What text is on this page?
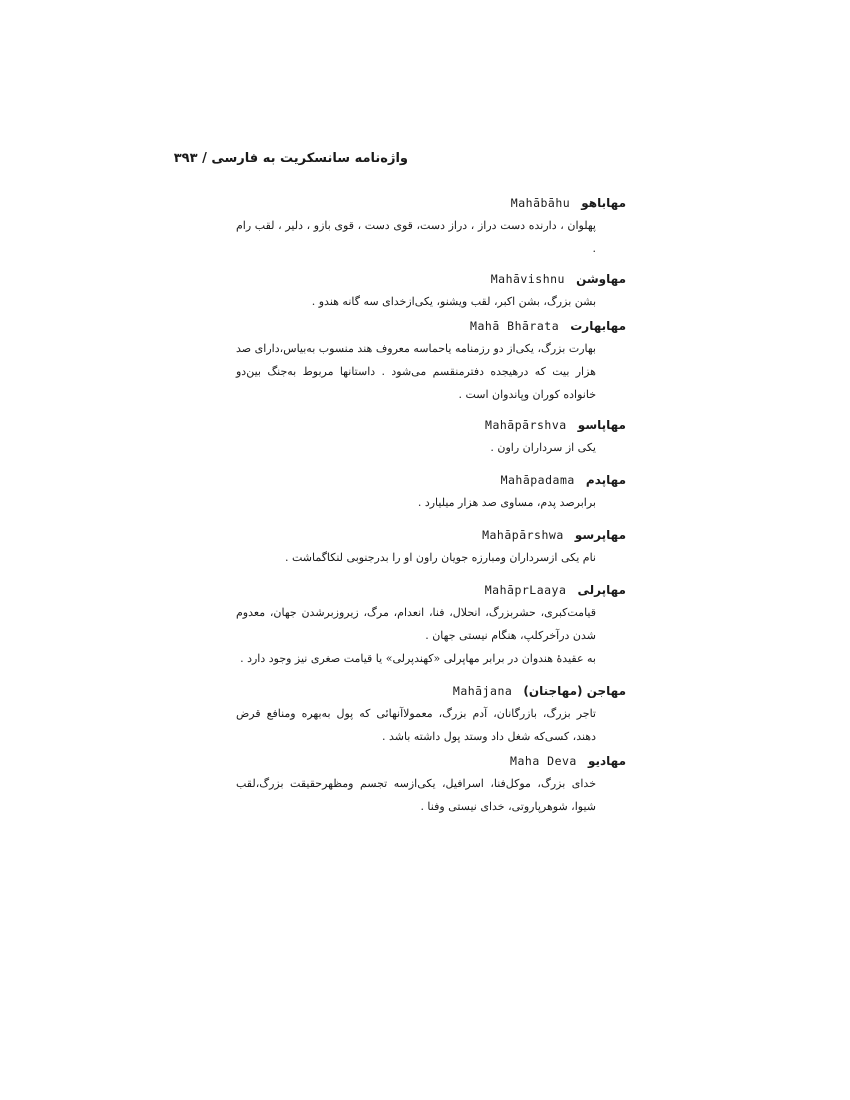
واژه‌نامه سانسکریت به فارسی / ۳۹۳
مهاباهو Mahābāhu

پهلوان ، دارنده دست دراز ، دراز دست، قوی دست ، قوی بازو ، دلیر ، لقب رام .

مهاوشن Mahāvishnu

بشن بزرگ، بشن اکبر، لقب ویشنو، یکی‌ازخدای سه گانه هندو .

مهابهارت Mahā Bhārata

بهارت بزرگ، یکی‌از دو رزمنامه یاحماسه معروف هند منسوب به‌بیاس،دارای صد هزار بیت که درهیجده دفترمنقسم می‌شود . داستانها مربوط به‌جنگ بین‌دو خانواده کوران وپاندوان است .

مهاپاسو Mahāpārshva

یکی از سرداران راون .

مهاپدم Mahāpadama

برابرصد پدم، مساوی صد هزار میلیارد .

مهاپرسو Mahāpārshwa

نام یکی ازسرداران ومبارزه جویان راون او را بدرجنوبی لنکاگماشت .

مهاپرلی MahāprLaaya

قیامت‌کبری، حشربزرگ، انحلال، فنا، انعدام، مرگ، زیروزبرشدن جهان، معدوم شدن درآخرکلپ، هنگام نیستی جهان .

به عقیدهٔ هندوان در برابر مهاپرلی «کهندپرلی» یا قیامت صغری نیز وجود دارد .

مهاجن (مهاجنان) Mahājana

تاجر بزرگ، بازرگانان، آدم بزرگ، معمولاآنهائی که پول به‌بهره ومنافع قرض دهند، کسی‌که شغل داد وستد پول داشته باشد .

مهادیو Maha Deva

خدای بزرگ، موکل‌فنا، اسرافیل، یکی‌ازسه تجسم ومظهرحقیقت بزرگ،لقب شیوا، شوهرپاروتی، خدای نیستی وفنا .
